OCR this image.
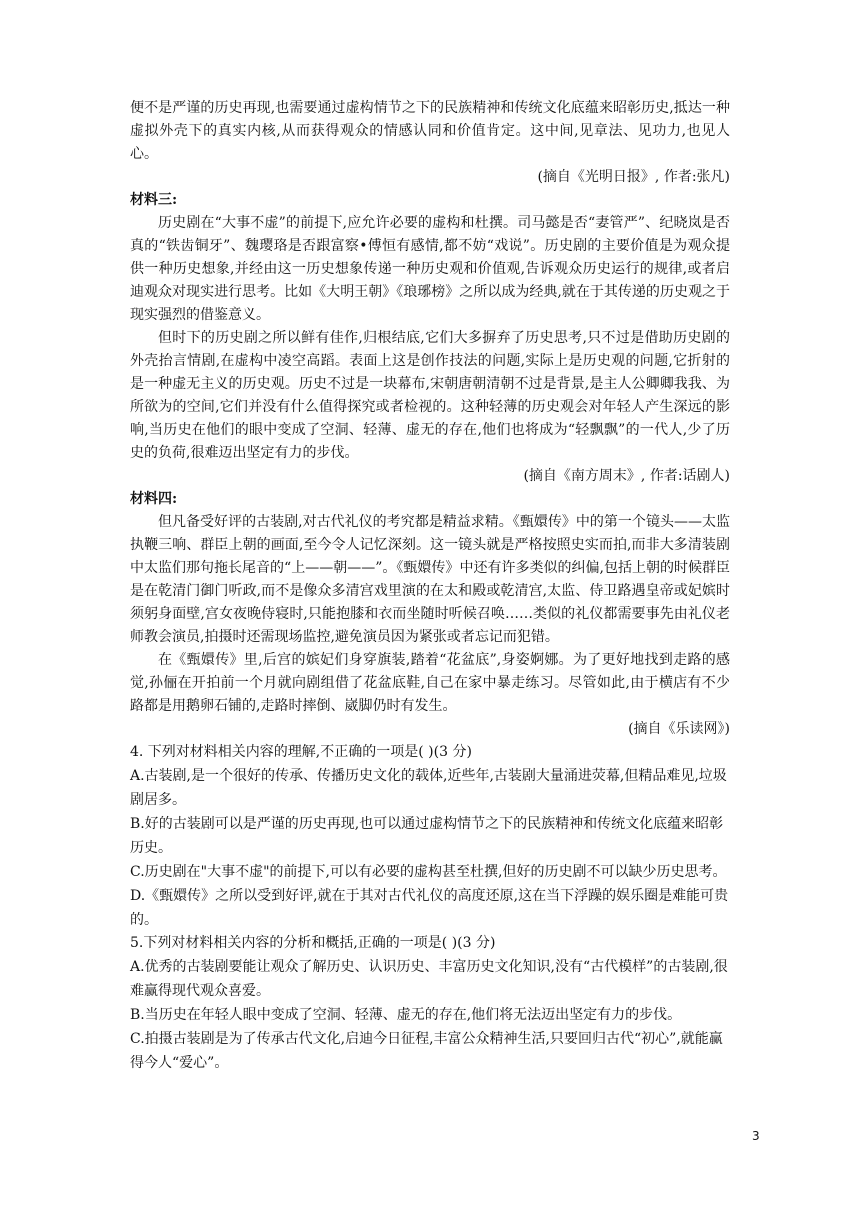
便不是严谨的历史再现,也需要通过虚构情节之下的民族精神和传统文化底蕴来昭彰历史,抵达一种虚拟外壳下的真实内核,从而获得观众的情感认同和价值肯定。这中间,见章法、见功力,也见人心。

(摘自《光明日报》, 作者:张凡)

材料三:

历史剧在“大事不虚”的前提下,应允许必要的虚构和杜撰。司马懿是否“妻管严”、纪晓岚是否真的“铁齿铜牙”、魏璎珞是否跟富察•傅恒有感情,都不妨“戏说”。历史剧的主要价值是为观众提供一种历史想象,并经由这一历史想象传递一种历史观和价值观,告诉观众历史运行的规律,或者启迪观众对现实进行思考。比如《大明王朝》《琅琊榜》之所以成为经典,就在于其传递的历史观之于现实强烈的借鉴意义。

但时下的历史剧之所以鲜有佳作,归根结底,它们大多摒弃了历史思考,只不过是借助历史剧的外壳抬言情剧,在虚构中凌空高蹈。表面上这是创作技法的问题,实际上是历史观的问题,它折射的是一种虚无主义的历史观。历史不过是一块幕布,宋朝唐朝清朝不过是背景,是主人公卿卿我我、为所欲为的空间,它们并没有什么值得探究或者检视的。这种轻薄的历史观会对年轻人产生深远的影响,当历史在他们的眼中变成了空洞、轻薄、虚无的存在,他们也将成为“轻飘飘”的一代人,少了历史的负荷,很难迈出坚定有力的步伐。

(摘自《南方周末》, 作者:话剧人)

材料四:

但凡备受好评的古装剧,对古代礼仪的考究都是精益求精。《甄嬛传》中的第一个镜头——太监执鞭三响、群臣上朝的画面,至今令人记忆深刻。这一镜头就是严格按照史实而拍,而非大多清装剧中太监们那句拖长尾音的“上——朝——”。《甄嬛传》中还有许多类似的纠偏,包括上朝的时候群臣是在乾清门御门听政,而不是像众多清宫戏里演的在太和殿或乾清宫,太监、侍卫路遇皇帝或妃嫔时须躬身面壁,宫女夜晚侍寝时,只能抱膝和衣而坐随时听候召唤……类似的礼仪都需要事先由礼仪老师教会演员,拍摄时还需现场监控,避免演员因为紧张或者忘记而犯错。

在《甄嬛传》里,后宫的嫔妃们身穿旗装,踏着“花盆底”,身姿婀娜。为了更好地找到走路的感觉,孙俪在开拍前一个月就向剧组借了花盆底鞋,自己在家中暴走练习。尽管如此,由于横店有不少路都是用鹅卵石铺的,走路时摔倒、崴脚仍时有发生。

(摘自《乐读网》)

4. 下列对材料相关内容的理解,不正确的一项是( )(3 分)

A.古装剧,是一个很好的传承、传播历史文化的载体,近些年,古装剧大量涌进荧幕,但精品难见,垃圾剧居多。

B.好的古装剧可以是严谨的历史再现,也可以通过虚构情节之下的民族精神和传统文化底蕴来昭彰历史。

C.历史剧在"大事不虚"的前提下,可以有必要的虚构甚至杜撰,但好的历史剧不可以缺少历史思考。

D.《甄嬛传》之所以受到好评,就在于其对古代礼仪的高度还原,这在当下浮躁的娱乐圈是难能可贵的。

5.下列对材料相关内容的分析和概括,正确的一项是( )(3 分)

A.优秀的古装剧要能让观众了解历史、认识历史、丰富历史文化知识,没有“古代模样”的古装剧,很难赢得现代观众喜爱。

B.当历史在年轻人眼中变成了空洞、轻薄、虚无的存在,他们将无法迈出坚定有力的步伐。

C.拍摄古装剧是为了传承古代文化,启迪今日征程,丰富公众精神生活,只要回归古代“初心”,就能赢得今人“爱心”。

3
